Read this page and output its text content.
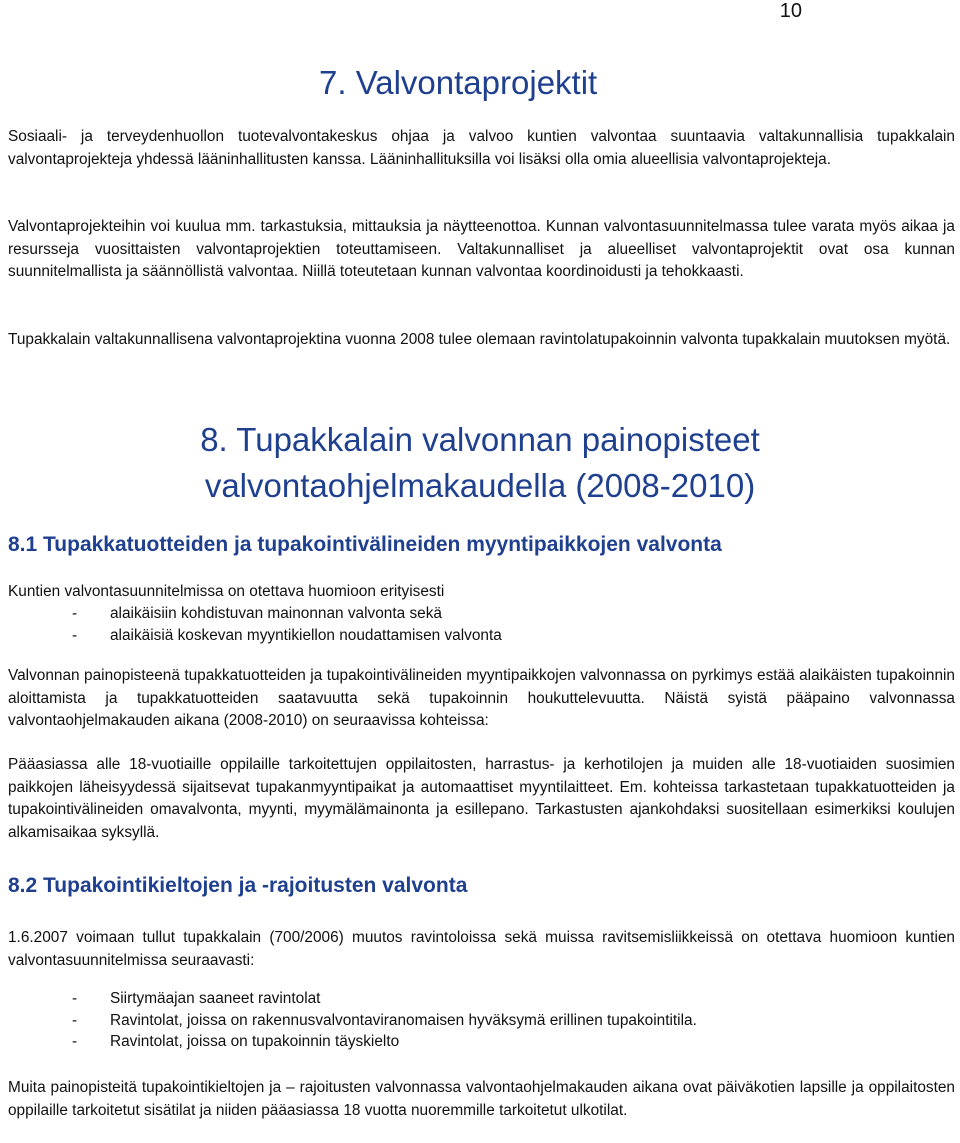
10
7. Valvontaprojektit

Sosiaali- ja terveydenhuollon tuotevalvontakeskus ohjaa ja valvoo kuntien valvontaa suuntaavia valtakunnallisia tupakkalain valvontaprojekteja yhdessä lääninhallitusten kanssa. Lääninhallituksilla voi lisäksi olla omia alueellisia valvontaprojekteja.

Valvontaprojekteihin voi kuulua mm. tarkastuksia, mittauksia ja näytteenottoa. Kunnan valvontasuunnitelmassa tulee varata myös aikaa ja resursseja vuosittaisten valvontaprojektien toteuttamiseen. Valtakunnalliset ja alueelliset valvontaprojektit ovat osa kunnan suunnitelmallista ja säännöllistä valvontaa. Niillä toteutetaan kunnan valvontaa koordinoidusti ja tehokkaasti.

Tupakkalain valtakunnallisena valvontaprojektina vuonna 2008 tulee olemaan ravintolatupakoinnin valvonta tupakkalain muutoksen myötä.

8. Tupakkalain valvonnan painopisteet
valvontaohjelmakaudella (2008-2010)
8.1 Tupakkatuotteiden ja tupakointivälineiden myyntipaikkojen valvonta

Kuntien valvontasuunnitelmissa on otettava huomioon erityisesti

-	alaikäisiin kohdistuvan mainonnan valvonta sekä
-	alaikäisiä koskevan myyntikiellon noudattamisen valvonta

Valvonnan painopisteenä tupakkatuotteiden ja tupakointivälineiden myyntipaikkojen valvonnassa on pyrkimys estää alaikäisten tupakoinnin aloittamista ja tupakkatuotteiden saatavuutta sekä tupakoinnin houkuttelevuutta. Näistä syistä pääpaino valvonnassa valvontaohjelmakauden aikana (2008-2010) on seuraavissa kohteissa:

Pääasiassa alle 18-vuotiaille oppilaille tarkoitettujen oppilaitosten, harrastus- ja kerhotilojen ja muiden alle 18-vuotiaiden suosimien paikkojen läheisyydessä sijaitsevat tupakanmyyntipaikat ja automaattiset myyntilaitteet. Em. kohteissa tarkastetaan tupakkatuotteiden ja tupakointivälineiden omavalvonta, myynti, myymälämainonta ja esillepano. Tarkastusten ajankohdaksi suositellaan esimerkiksi koulujen alkamisaikaa syksyllä.

8.2 Tupakointikieltojen ja -rajoitusten valvonta

1.6.2007 voimaan tullut tupakkalain (700/2006) muutos ravintoloissa sekä muissa ravitsemisliikkeissä on otettava huomioon kuntien valvontasuunnitelmissa seuraavasti:

-	Siirtymäajan saaneet ravintolat
-	Ravintolat, joissa on rakennusvalvontaviranomaisen hyväksymä erillinen tupakointitila.
-	Ravintolat, joissa on tupakoinnin täyskielto

Muita painopisteitä tupakointikieltojen ja – rajoitusten valvonnassa valvontaohjelmakauden aikana ovat päiväkotien lapsille ja oppilaitosten oppilaille tarkoitetut sisätilat ja niiden pääasiassa 18 vuotta nuoremmille tarkoitetut ulkotilat.
